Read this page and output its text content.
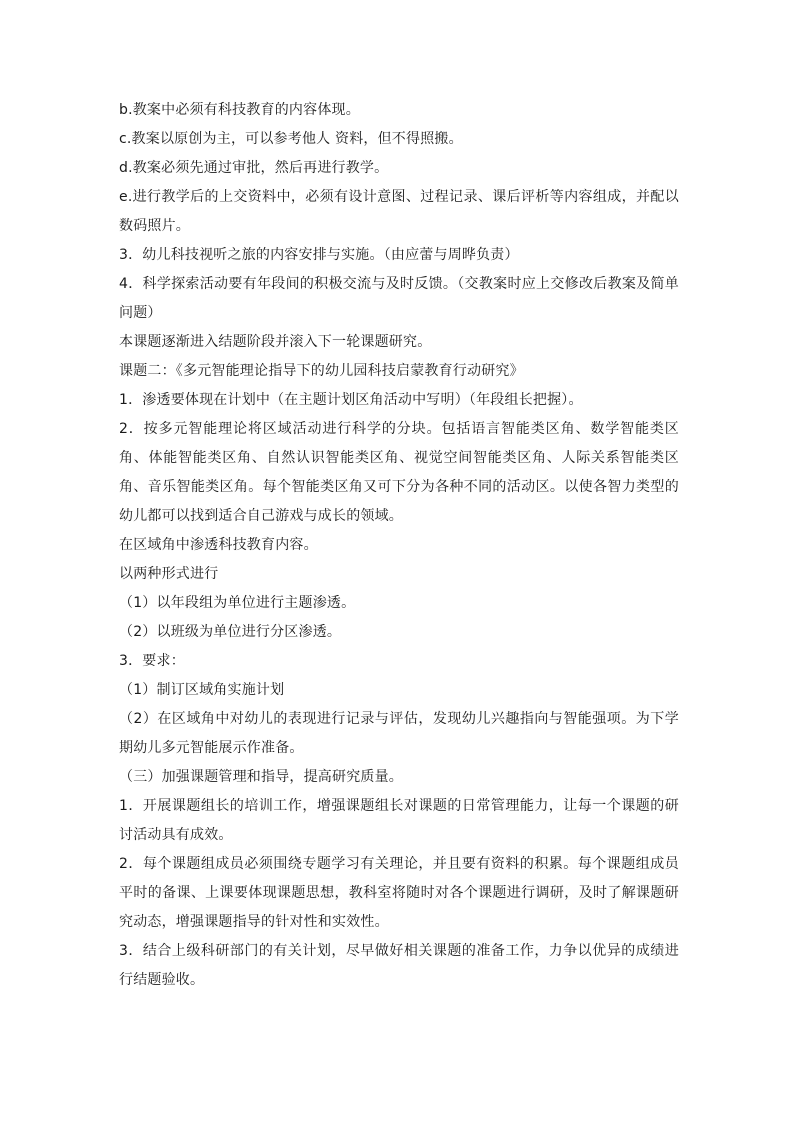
b.教案中必须有科技教育的内容体现。

c.教案以原创为主，可以参考他人 资料，但不得照搬。

d.教案必须先通过审批，然后再进行教学。

e.进行教学后的上交资料中，必须有设计意图、过程记录、课后评析等内容组成，并配以数码照片。

3．幼儿科技视听之旅的内容安排与实施。（由应蕾与周晔负责）

4．科学探索活动要有年段间的积极交流与及时反馈。（交教案时应上交修改后教案及简单问题）

本课题逐渐进入结题阶段并滚入下一轮课题研究。

课题二：《多元智能理论指导下的幼儿园科技启蒙教育行动研究》

1．渗透要体现在计划中（在主题计划区角活动中写明）（年段组长把握）。

2．按多元智能理论将区域活动进行科学的分块。包括语言智能类区角、数学智能类区角、体能智能类区角、自然认识智能类区角、视觉空间智能类区角、人际关系智能类区角、音乐智能类区角。每个智能类区角又可下分为各种不同的活动区。以使各智力类型的幼儿都可以找到适合自己游戏与成长的领域。

在区域角中渗透科技教育内容。

以两种形式进行

（1）以年段组为单位进行主题渗透。

（2）以班级为单位进行分区渗透。

3．要求：

（1）制订区域角实施计划

（2）在区域角中对幼儿的表现进行记录与评估，发现幼儿兴趣指向与智能强项。为下学期幼儿多元智能展示作准备。

（三）加强课题管理和指导，提高研究质量。

1．开展课题组长的培训工作，增强课题组长对课题的日常管理能力，让每一个课题的研讨活动具有成效。

2．每个课题组成员必须围绕专题学习有关理论，并且要有资料的积累。每个课题组成员平时的备课、上课要体现课题思想，教科室将随时对各个课题进行调研，及时了解课题研究动态，增强课题指导的针对性和实效性。

3．结合上级科研部门的有关计划，尽早做好相关课题的准备工作，力争以优异的成绩进行结题验收。
